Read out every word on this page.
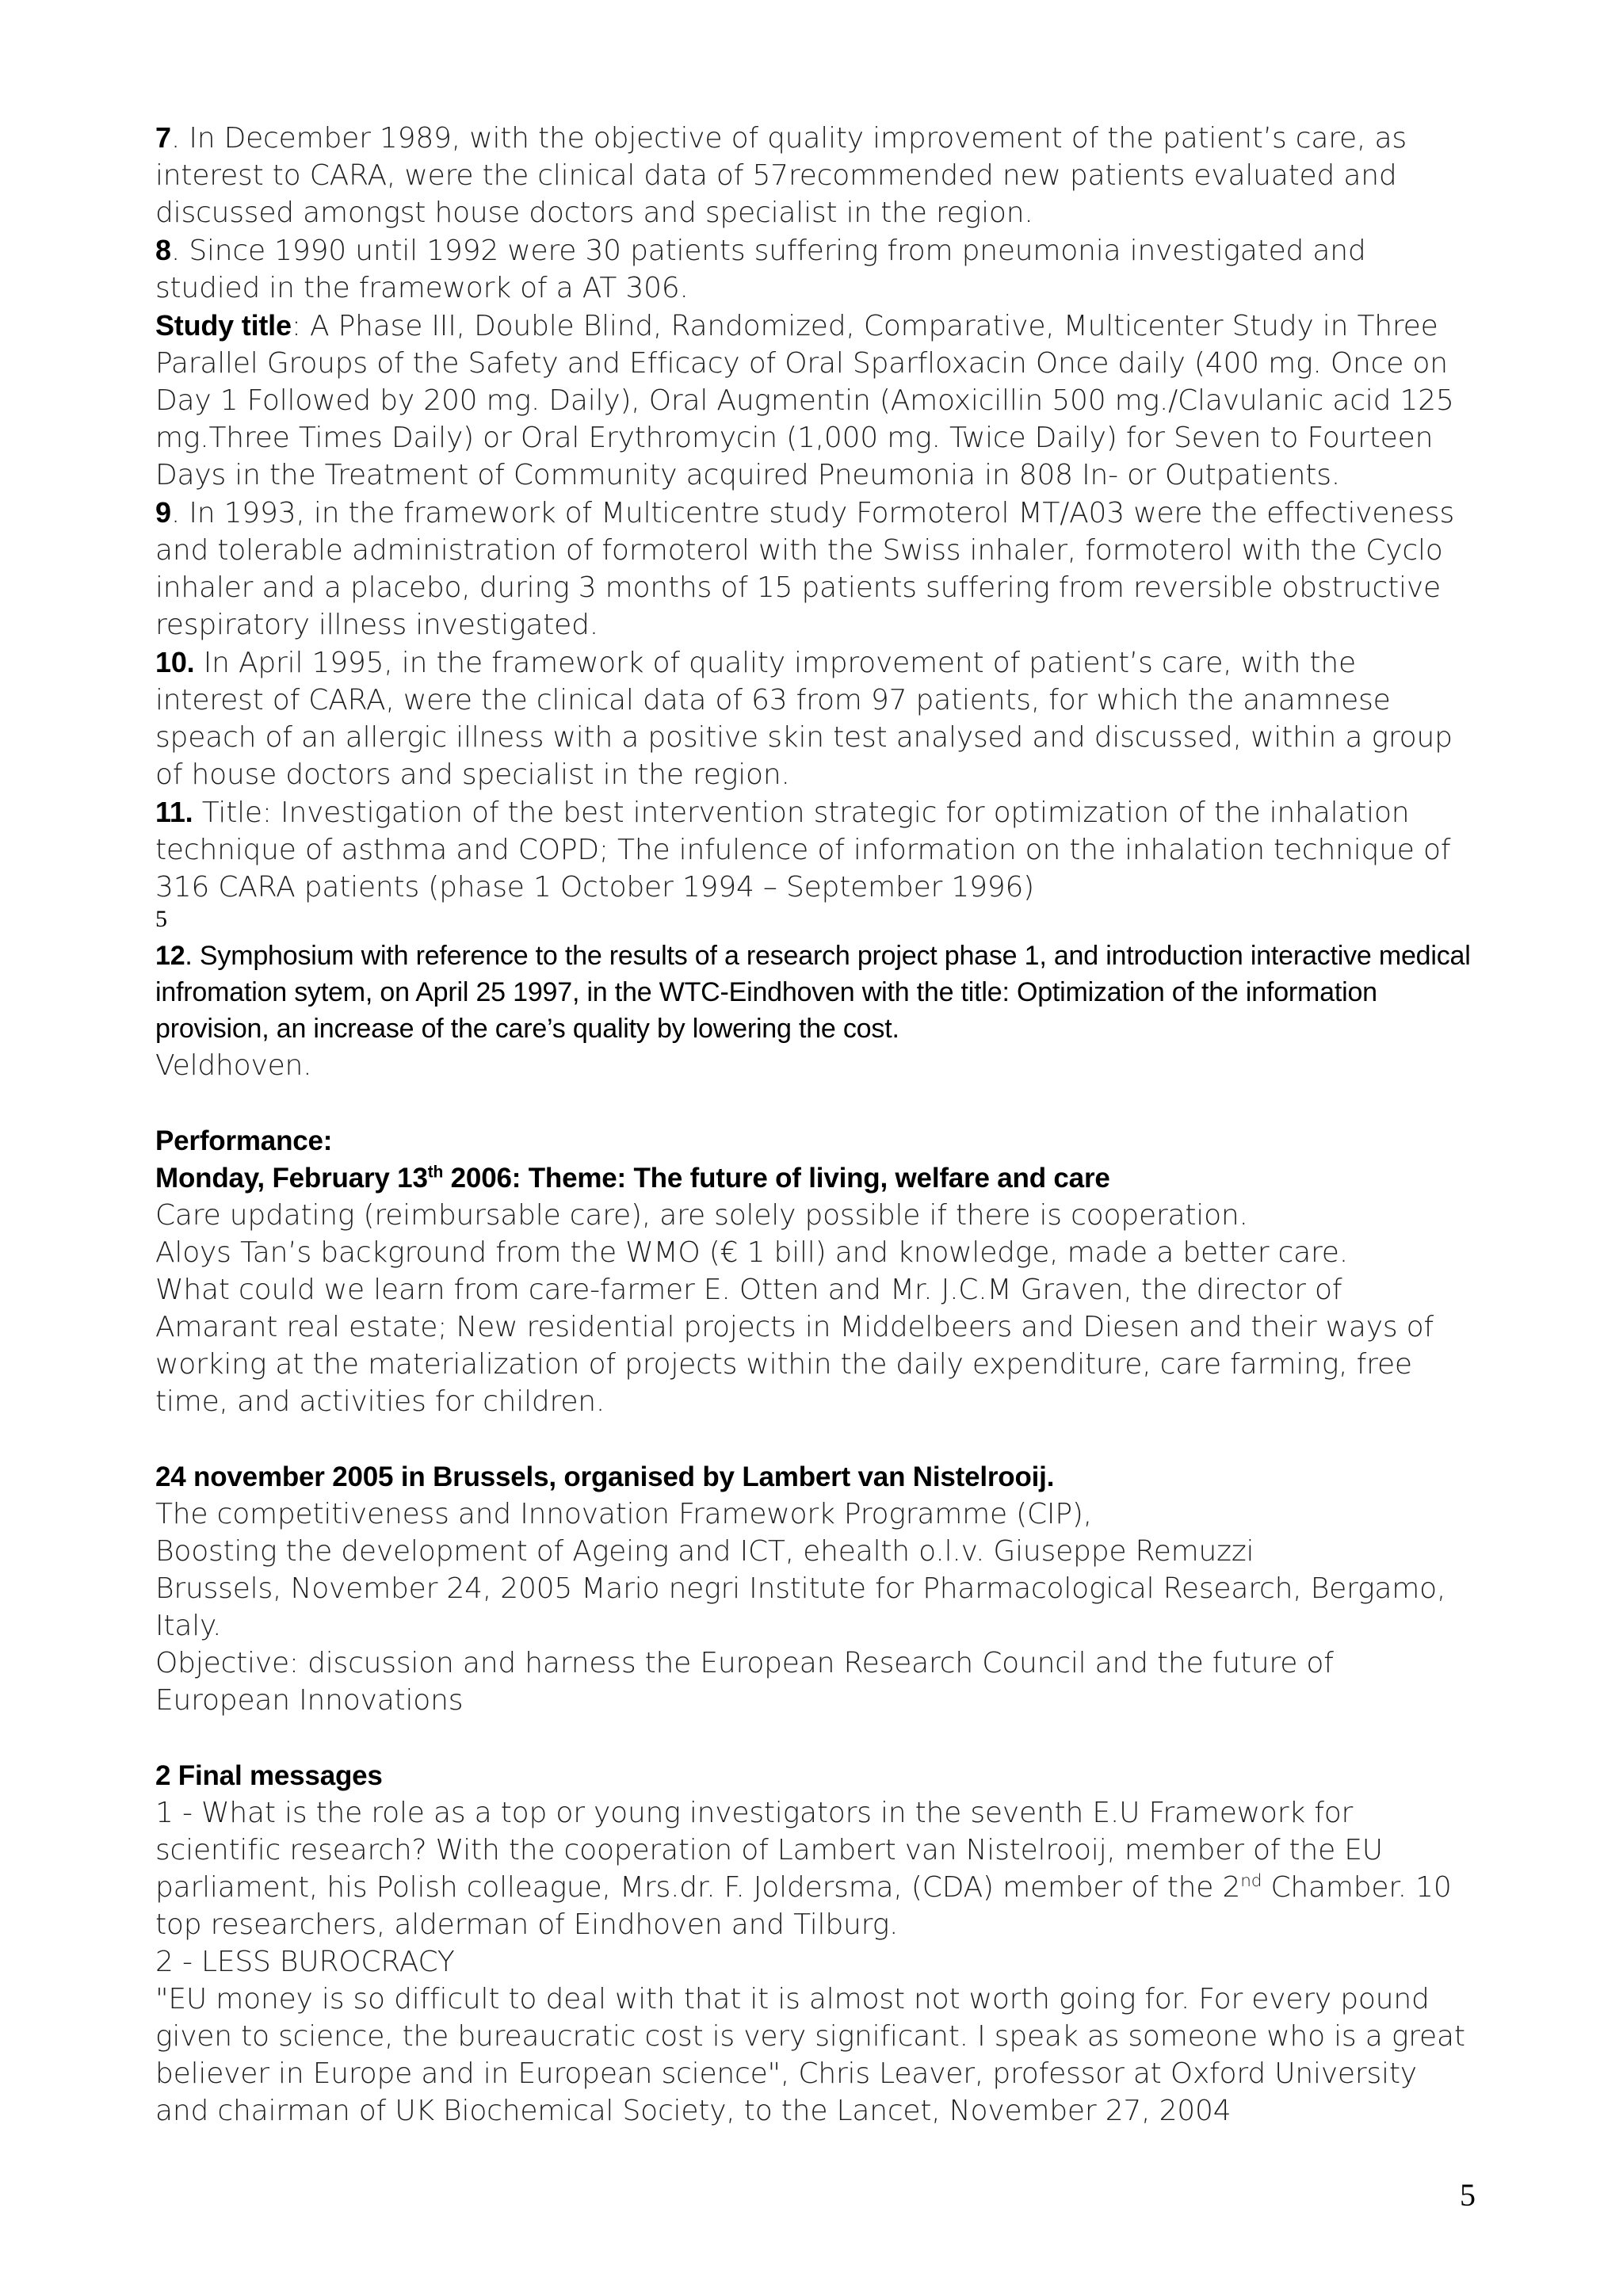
7. In December 1989, with the objective of quality improvement of the patient’s care, as interest to CARA, were the clinical data of 57recommended new patients evaluated and discussed amongst house doctors and specialist in the region.

8. Since 1990 until 1992 were 30 patients suffering from pneumonia investigated and studied in the framework of a AT 306.

Study title: A Phase III, Double Blind, Randomized, Comparative, Multicenter Study in Three Parallel Groups of the Safety and Efficacy of Oral Sparfloxacin Once daily (400 mg. Once on Day 1 Followed by 200 mg. Daily), Oral Augmentin (Amoxicillin 500 mg./Clavulanic acid 125 mg.Three Times Daily) or Oral Erythromycin (1,000 mg. Twice Daily) for Seven to Fourteen Days in the Treatment of Community acquired Pneumonia in 808 In- or Outpatients.

9. In 1993, in the framework of Multicentre study Formoterol MT/A03 were the effectiveness and tolerable administration of formoterol with the Swiss inhaler, formoterol with the Cyclo inhaler and a placebo, during 3 months of 15 patients suffering from reversible obstructive respiratory illness investigated.

10. In April 1995, in the framework of quality improvement of patient’s care, with the interest of CARA, were the clinical data of 63 from 97 patients, for which the anamnese speach of an allergic illness with a positive skin test analysed and discussed, within a group of house doctors and specialist in the region.

11. Title: Investigation of the best intervention strategic for optimization of the inhalation technique of asthma and COPD; The infulence of information on the inhalation technique of 316 CARA patients (phase 1 October 1994 – September 1996)

5

12. Symphosium with reference to the results of a research project phase 1, and introduction interactive medical infromation sytem, on April 25 1997, in the WTC-Eindhoven with the title: Optimization of the information provision, an increase of the care’s quality by lowering the cost.

Veldhoven.

Performance:

Monday, February 13th 2006: Theme: The future of living, welfare and care

Care updating (reimbursable care), are solely possible if there is cooperation.

Aloys Tan’s background from the WMO (€ 1 bill) and knowledge, made a better care.

What could we learn from care-farmer E. Otten and Mr. J.C.M Graven, the director of Amarant real estate; New residential projects in Middelbeers and Diesen and their ways of working at the materialization of projects within the daily expenditure, care farming, free time, and activities for children.

24 november 2005 in Brussels, organised by Lambert van Nistelrooij.

The competitiveness and Innovation Framework Programme (CIP),

Boosting the development of Ageing and ICT, ehealth o.l.v. Giuseppe Remuzzi

Brussels, November 24, 2005 Mario negri Institute for Pharmacological Research, Bergamo, Italy.

Objective: discussion and harness the European Research Council and the future of European Innovations

2 Final messages

1 - What is the role as a top or young investigators in the seventh E.U Framework for scientific research? With the cooperation of Lambert van Nistelrooij, member of the EU parliament, his Polish colleague, Mrs.dr. F. Joldersma, (CDA) member of the 2nd Chamber. 10 top researchers, alderman of Eindhoven and Tilburg.

2 - LESS BUROCRACY

"EU money is so difficult to deal with that it is almost not worth going for. For every pound given to science, the bureaucratic cost is very significant. I speak as someone who is a great believer in Europe and in European science", Chris Leaver, professor at Oxford University and chairman of UK Biochemical Society, to the Lancet, November 27, 2004

5
